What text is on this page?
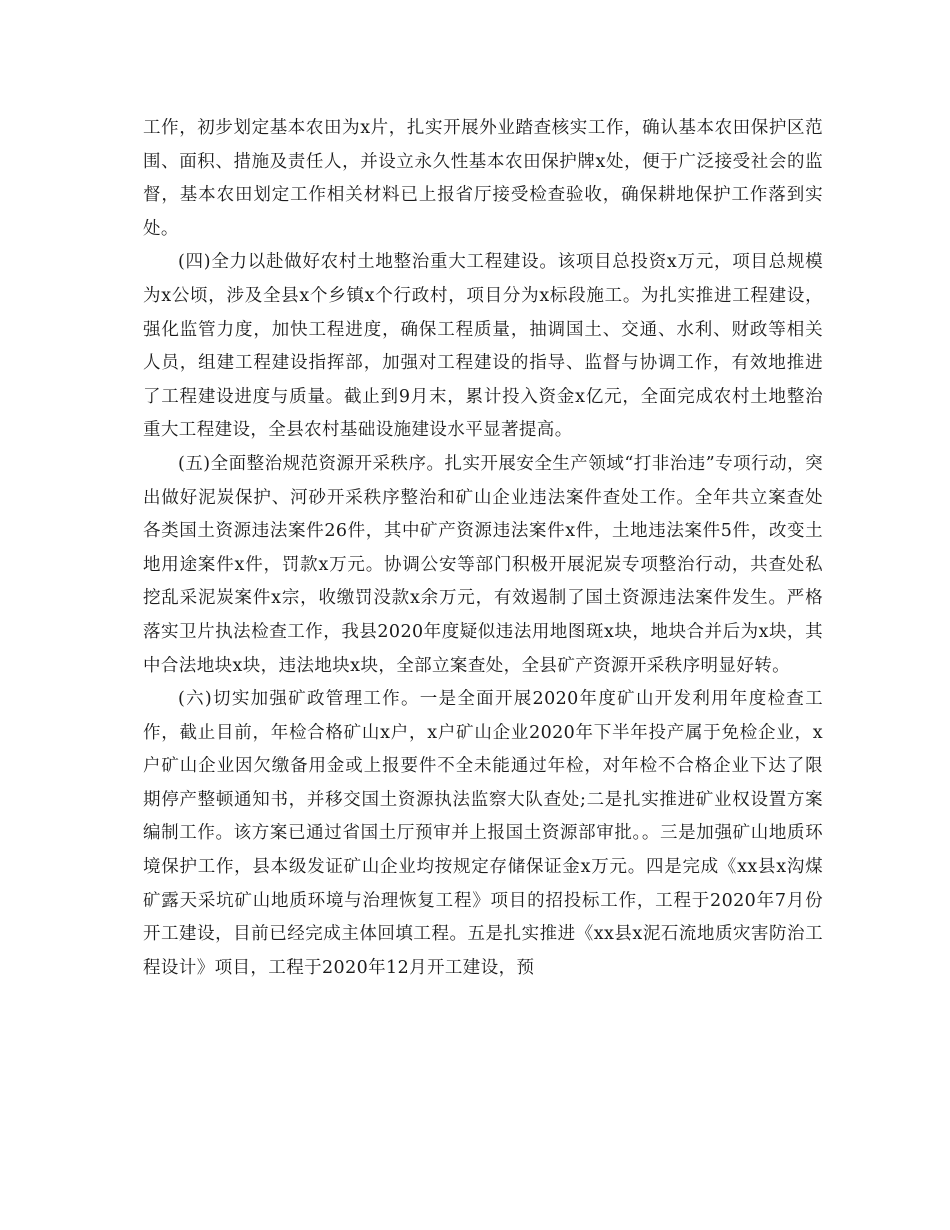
工作，初步划定基本农田为x片，扎实开展外业踏查核实工作，确认基本农田保护区范围、面积、措施及责任人，并设立永久性基本农田保护牌x处，便于广泛接受社会的监督，基本农田划定工作相关材料已上报省厅接受检查验收，确保耕地保护工作落到实处。

(四)全力以赴做好农村土地整治重大工程建设。该项目总投资x万元，项目总规模为x公顷，涉及全县x个乡镇x个行政村，项目分为x标段施工。为扎实推进工程建设，强化监管力度，加快工程进度，确保工程质量，抽调国土、交通、水利、财政等相关人员，组建工程建设指挥部，加强对工程建设的指导、监督与协调工作，有效地推进了工程建设进度与质量。截止到9月末，累计投入资金x亿元，全面完成农村土地整治重大工程建设，全县农村基础设施建设水平显著提高。

(五)全面整治规范资源开采秩序。扎实开展安全生产领域“打非治违”专项行动，突出做好泥炭保护、河砂开采秩序整治和矿山企业违法案件查处工作。全年共立案查处各类国土资源违法案件26件，其中矿产资源违法案件x件，土地违法案件5件，改变土地用途案件x件，罚款x万元。协调公安等部门积极开展泥炭专项整治行动，共查处私挖乱采泥炭案件x宗，收缴罚没款x余万元，有效遏制了国土资源违法案件发生。严格落实卫片执法检查工作，我县2020年度疑似违法用地图斑x块，地块合并后为x块，其中合法地块x块，违法地块x块，全部立案查处，全县矿产资源开采秩序明显好转。

(六)切实加强矿政管理工作。一是全面开展2020年度矿山开发利用年度检查工作，截止目前，年检合格矿山x户，x户矿山企业2020年下半年投产属于免检企业，x户矿山企业因欠缴备用金或上报要件不全未能通过年检，对年检不合格企业下达了限期停产整顿通知书，并移交国土资源执法监察大队查处;二是扎实推进矿业权设置方案编制工作。该方案已通过省国土厅预审并上报国土资源部审批。。三是加强矿山地质环境保护工作，县本级发证矿山企业均按规定存储保证金x万元。四是完成《xx县x沟煤矿露天采坑矿山地质环境与治理恢复工程》项目的招投标工作，工程于2020年7月份开工建设，目前已经完成主体回填工程。五是扎实推进《xx县x泥石流地质灾害防治工程设计》项目，工程于2020年12月开工建设，预
